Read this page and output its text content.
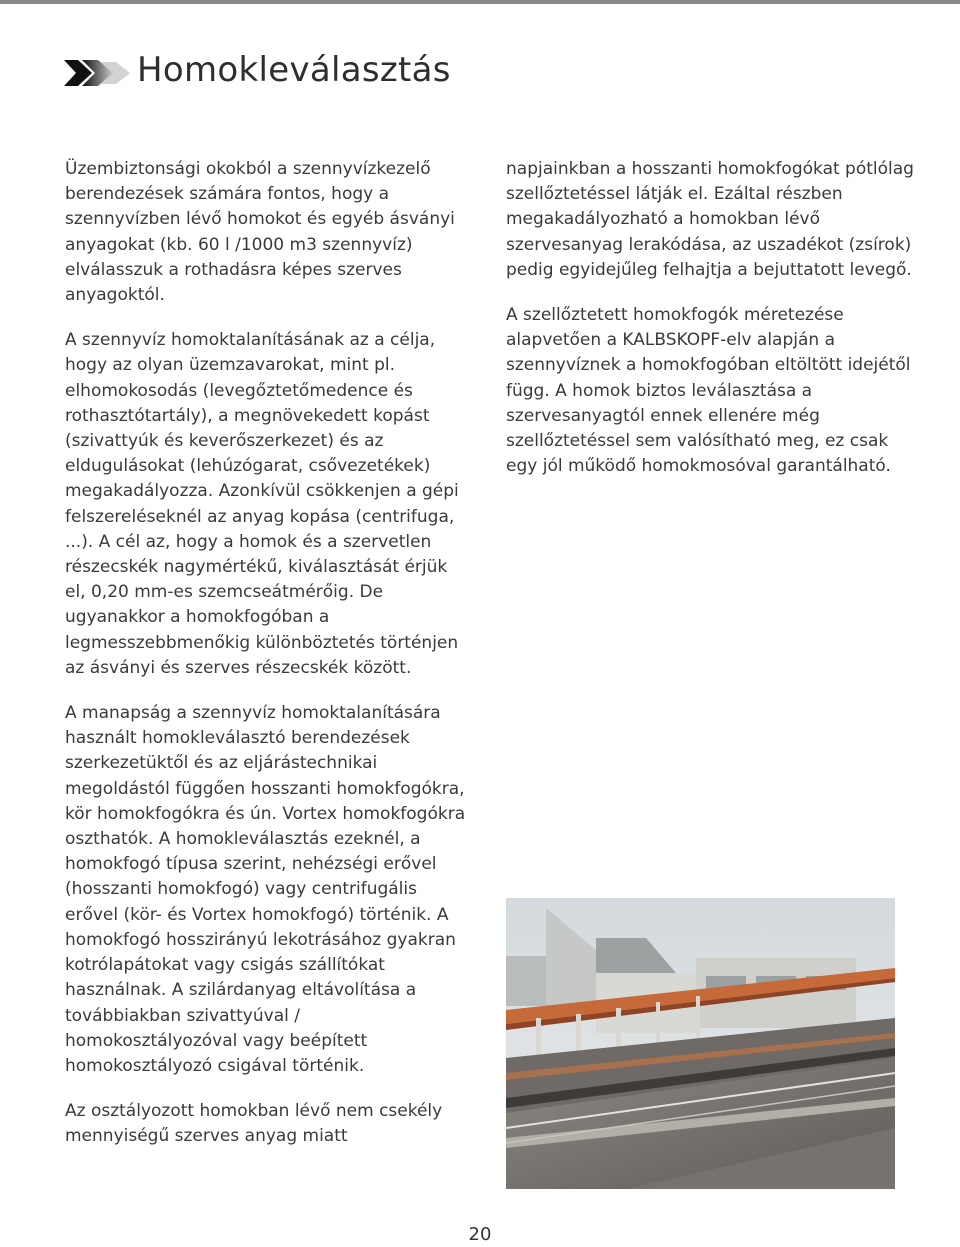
Homokleválasztás

Üzembiztonsági okokból a szennyvízkezelő berendezések számára fontos, hogy a szennyvízben lévő homokot és egyéb ásványi anyagokat (kb. 60 l /1000 m3 szennyvíz) elválasszuk a rothadásra képes szerves anyagoktól.

A szennyvíz homoktalanításának az a célja, hogy az olyan üzemzavarokat, mint pl. elhomokosodás (levegőztetőmedence és rothasztótartály), a megnövekedett kopást (szivattyúk és keverőszerkezet) és az eldugulásokat (lehúzógarat, csővezetékek) megakadályozza. Azonkívül csökkenjen a gépi felszereléseknél az anyag kopása (centrifuga, ...). A cél az, hogy a homok és a szervetlen részecskék nagymértékű, kiválasztását érjük el, 0,20 mm-es szemcseátmérőig. De ugyanakkor a homokfogóban a legmesszebbmenőkig különböztetés történjen az ásványi és szerves részecskék között.

A manapság a szennyvíz homoktalanítására használt homokleválasztó berendezések szerkezetüktől és az eljárástechnikai megoldástól függően hosszanti homokfogókra, kör homokfogókra és ún. Vortex homokfogókra oszthatók. A homokleválasztás ezeknél, a homokfogó típusa szerint, nehézségi erővel (hosszanti homokfogó) vagy centrifugális erővel (kör- és Vortex homokfogó) történik. A homokfogó hosszirányú lekotrásához gyakran kotrólapátokat vagy csigás szállítókat használnak. A szilárdanyag eltávolítása a továbbiakban szivattyúval / homokosztályozóval vagy beépített homokosztályozó csigával történik.

Az osztályozott homokban lévő nem csekély mennyiségű szerves anyag miatt

napjainkban a hosszanti homokfogókat pótlólag szellőztetéssel látják el. Ezáltal részben megakadályozható a homokban lévő szervesanyag lerakódása, az uszadékot (zsírok) pedig egyidejűleg felhajtja a bejuttatott levegő.

A szellőztetett homokfogók méretezése alapvetően a KALBSKOPF-elv alapján a szennyvíznek a homokfogóban eltöltött idejétől függ. A homok biztos leválasztása a szervesanyagtól ennek ellenére még szellőztetéssel sem valósítható meg, ez csak egy jól működő homokmosóval garantálható.

20
